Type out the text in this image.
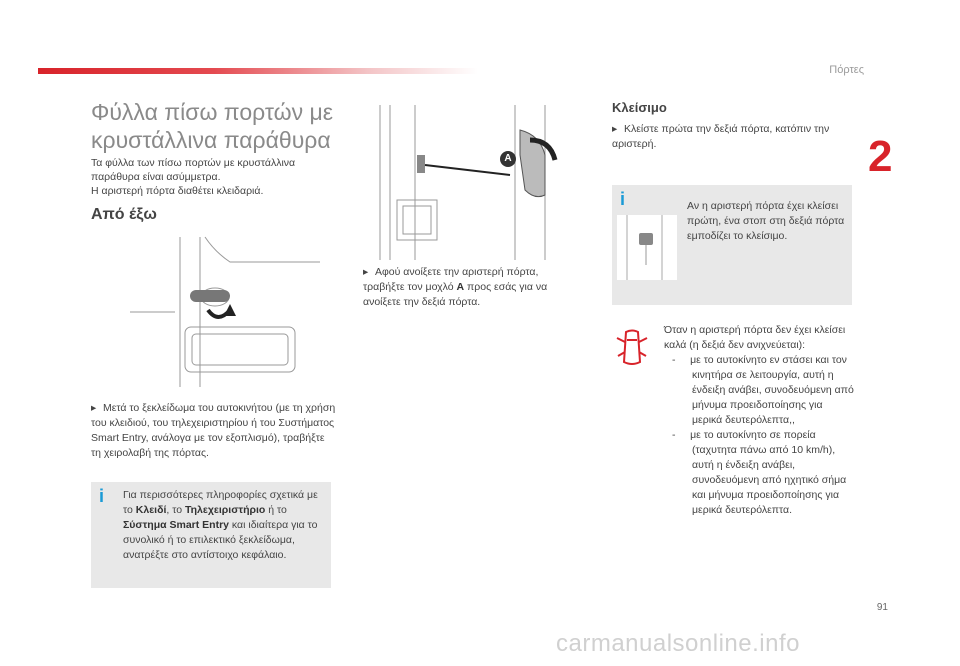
Πόρτες
2
91
Φύλλα πίσω πορτών με κρυστάλλινα παράθυρα
Τα φύλλα των πίσω πορτών με κρυστάλλινα παράθυρα είναι ασύμμετρα.
Η αριστερή πόρτα διαθέτει κλειδαριά.
Από έξω
▸ Μετά το ξεκλείδωμα του αυτοκινήτου (με τη χρήση του κλειδιού, του τηλεχειριστηρίου ή του Συστήματος Smart Entry, ανάλογα με τον εξοπλισμό), τραβήξτε τη χειρολαβή της πόρτας.
i Για περισσότερες πληροφορίες σχετικά με το Κλειδί, το Τηλεχειριστήριο ή το Σύστημα Smart Entry και ιδιαίτερα για το συνολικό ή το επιλεκτικό ξεκλείδωμα, ανατρέξτε στο αντίστοιχο κεφάλαιο.
A
▸ Αφού ανοίξετε την αριστερή πόρτα, τραβήξτε τον μοχλό A προς εσάς για να ανοίξετε την δεξιά πόρτα.
Κλείσιμο
▸ Κλείστε πρώτα την δεξιά πόρτα, κατόπιν την αριστερή.
i	Αν η αριστερή πόρτα έχει κλείσει πρώτη, ένα στοπ στη δεξιά πόρτα εμποδίζει το κλείσιμο.
Όταν η αριστερή πόρτα δεν έχει κλείσει καλά (η δεξιά δεν ανιχνεύεται):
-     με το αυτοκίνητο εν στάσει και τον κινητήρα σε λειτουργία, αυτή η ένδειξη ανάβει, συνοδευόμενη από μήνυμα προειδοποίησης για μερικά δευτερόλεπτα,,
-     με το αυτοκίνητο σε πορεία (ταχυτητα πάνω από 10 km/h), αυτή η ένδειξη ανάβει, συνοδευόμενη από ηχητικό σήμα και μήνυμα προειδοποίησης για μερικά δευτερόλεπτα.
carmanualsonline.info
